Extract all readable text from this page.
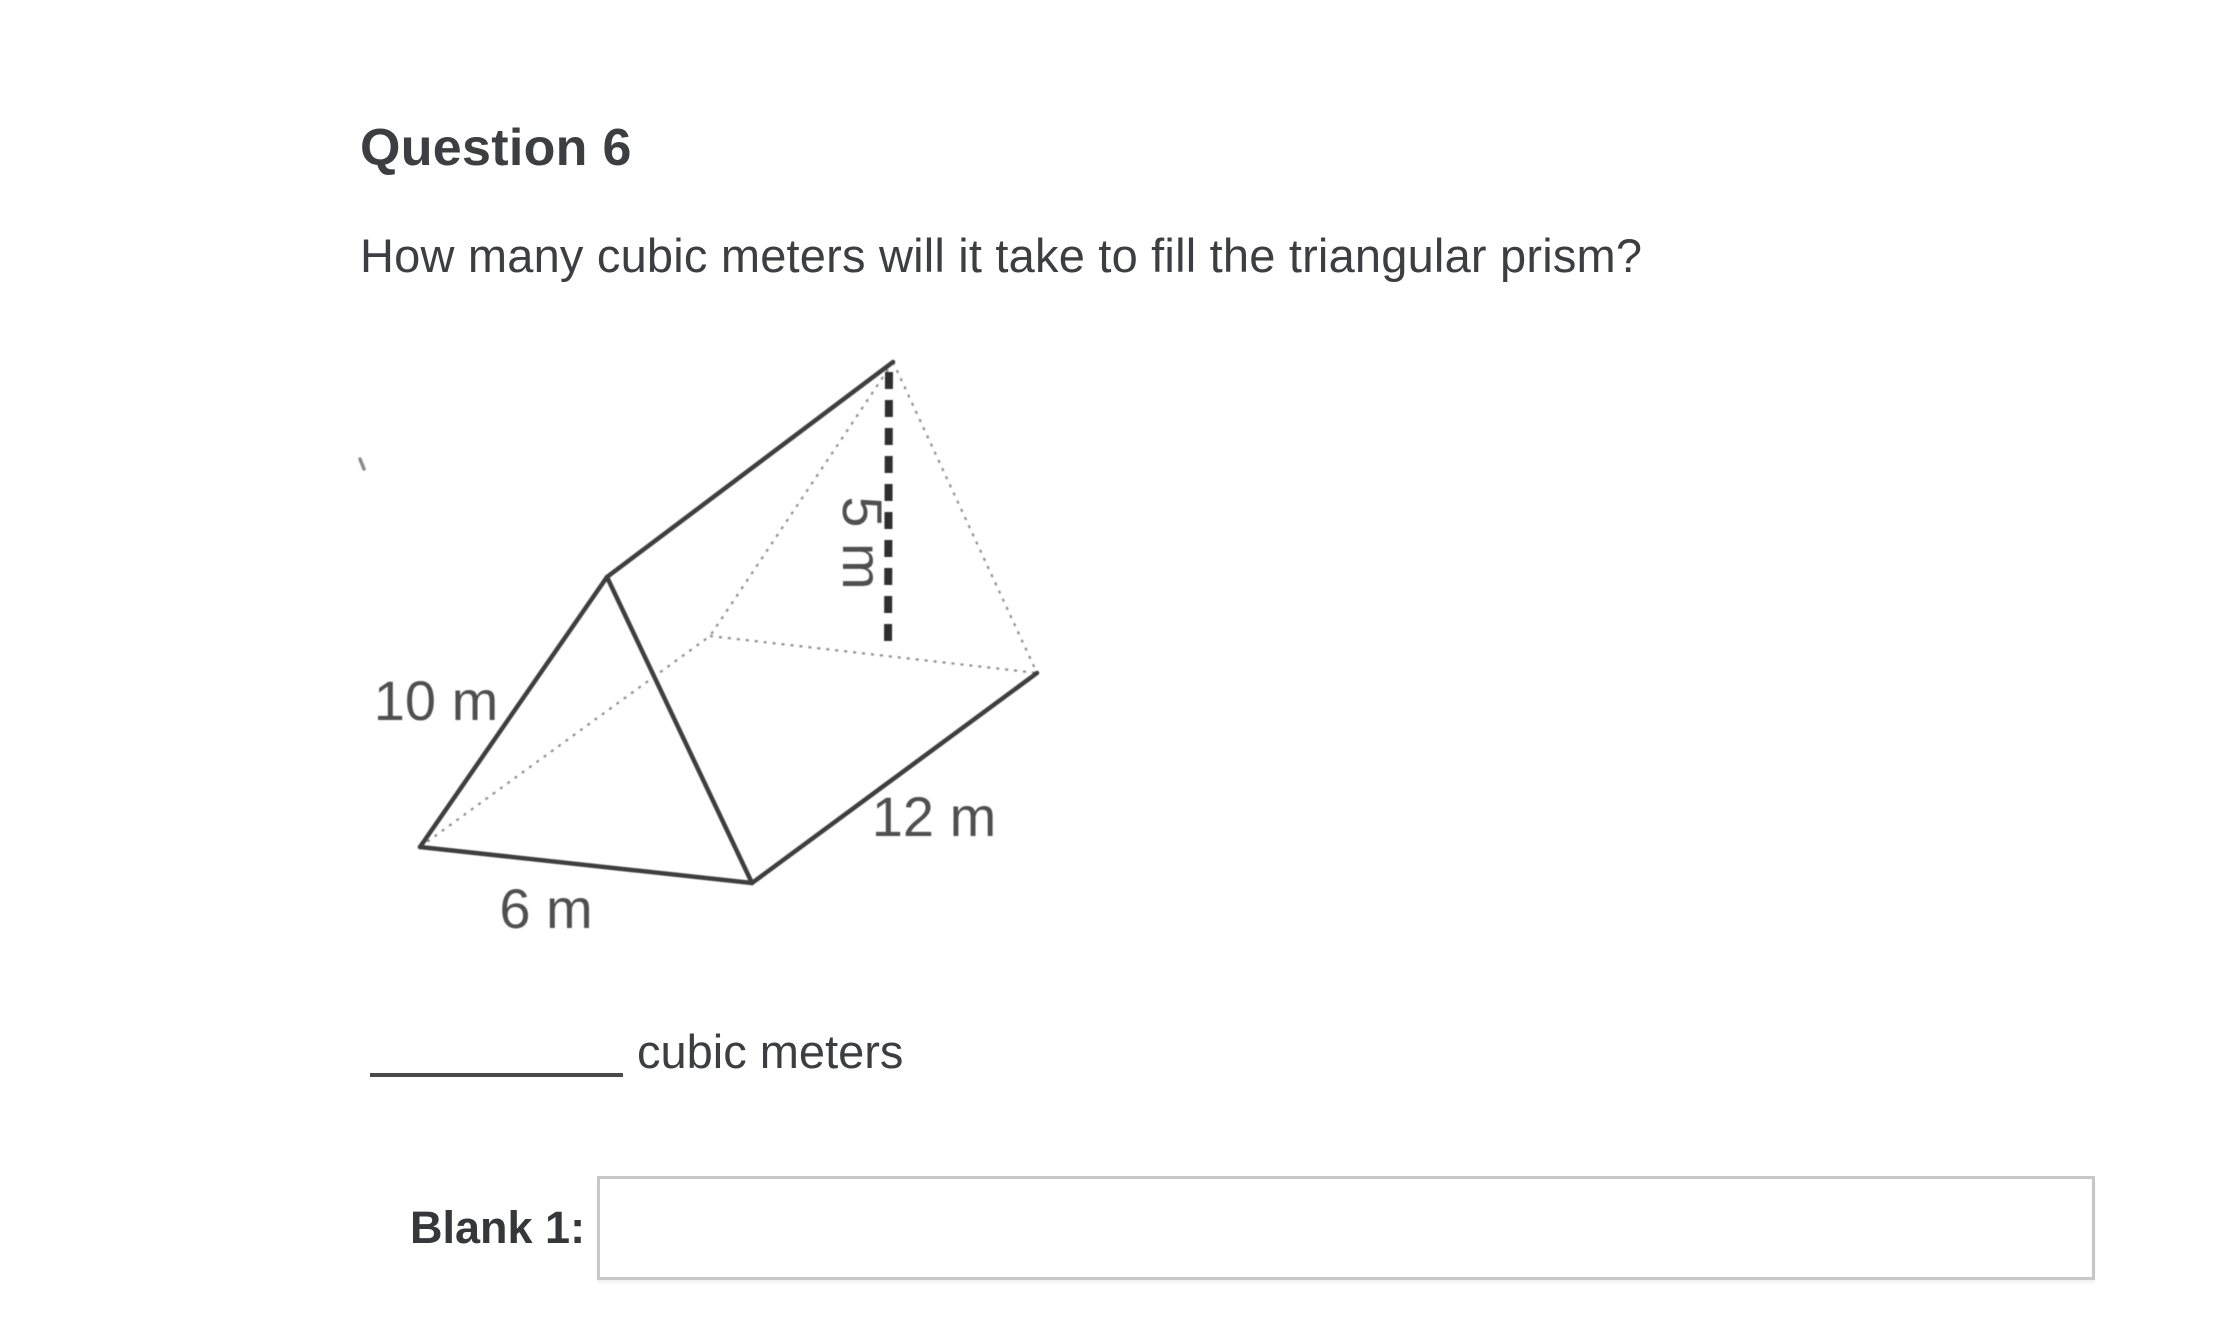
Question 6

How many cubic meters will it take to fill the triangular prism?

10 m
6 m
12 m
5 m
cubic meters
Blank 1:
